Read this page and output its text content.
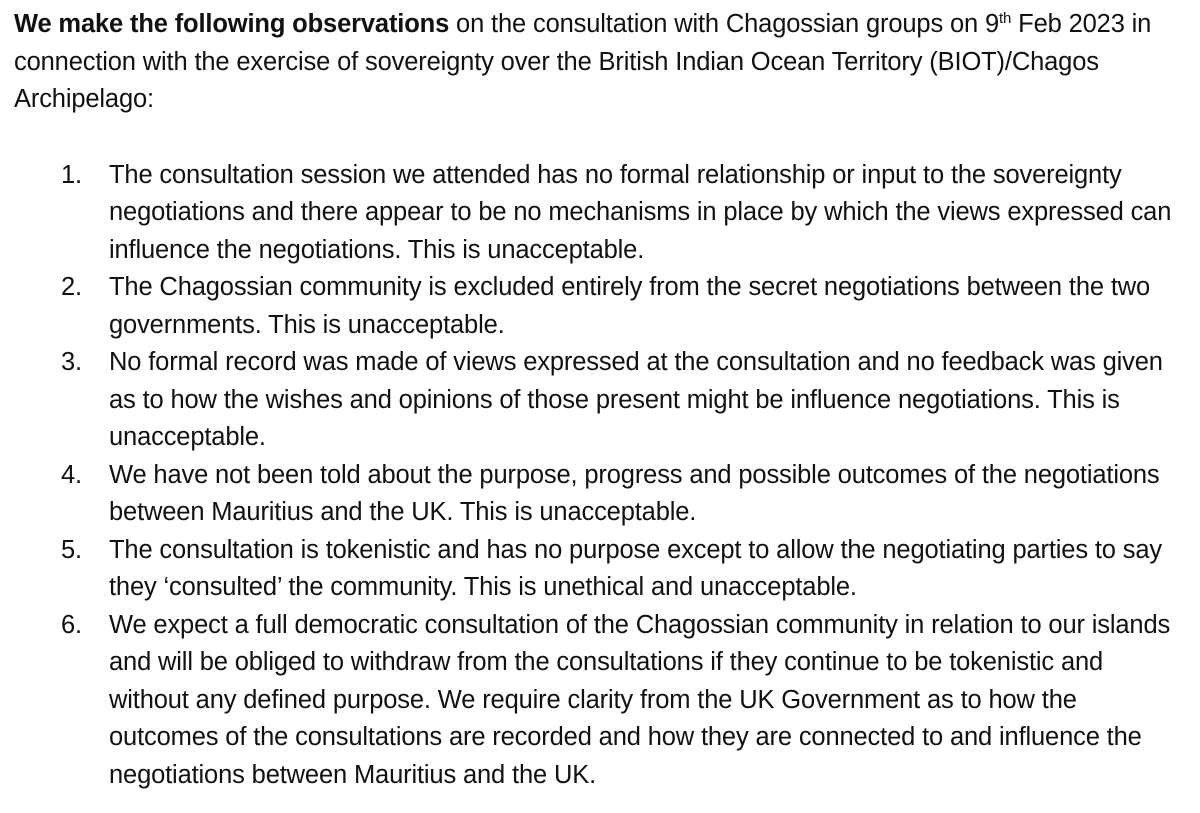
We make the following observations on the consultation with Chagossian groups on 9th Feb 2023 in connection with the exercise of sovereignty over the British Indian Ocean Territory (BIOT)/Chagos Archipelago:

1. The consultation session we attended has no formal relationship or input to the sovereignty negotiations and there appear to be no mechanisms in place by which the views expressed can influence the negotiations. This is unacceptable.
2. The Chagossian community is excluded entirely from the secret negotiations between the two governments. This is unacceptable.
3. No formal record was made of views expressed at the consultation and no feedback was given as to how the wishes and opinions of those present might be influence negotiations. This is unacceptable.
4. We have not been told about the purpose, progress and possible outcomes of the negotiations between Mauritius and the UK. This is unacceptable.
5. The consultation is tokenistic and has no purpose except to allow the negotiating parties to say they ‘consulted’ the community. This is unethical and unacceptable.
6. We expect a full democratic consultation of the Chagossian community in relation to our islands and will be obliged to withdraw from the consultations if they continue to be tokenistic and without any defined purpose. We require clarity from the UK Government as to how the outcomes of the consultations are recorded and how they are connected to and influence the negotiations between Mauritius and the UK.
